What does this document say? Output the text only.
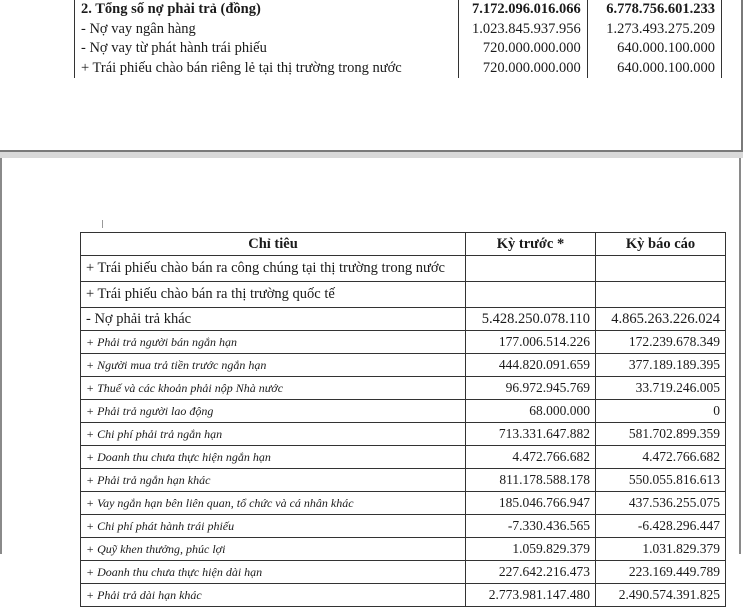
2. Tổng số nợ phải trả (đồng)	7.172.096.016.066	6.778.756.601.233
- Nợ vay ngân hàng	1.023.845.937.956	1.273.493.275.209
- Nợ vay từ phát hành trái phiếu	720.000.000.000	640.000.100.000
+ Trái phiếu chào bán riêng lẻ tại thị trường trong nước	720.000.000.000	640.000.100.000
Chỉ tiêu	Kỳ trước *	Kỳ báo cáo
+ Trái phiếu chào bán ra công chúng tại thị trường trong nước		
+ Trái phiếu chào bán ra thị trường quốc tế		
- Nợ phải trả khác	5.428.250.078.110	4.865.263.226.024
+ Phải trả người bán ngắn hạn	177.006.514.226	172.239.678.349
+ Người mua trả tiền trước ngắn hạn	444.820.091.659	377.189.189.395
+ Thuế và các khoản phải nộp Nhà nước	96.972.945.769	33.719.246.005
+ Phải trả người lao động	68.000.000	0
+ Chi phí phải trả ngắn hạn	713.331.647.882	581.702.899.359
+ Doanh thu chưa thực hiện ngắn hạn	4.472.766.682	4.472.766.682
+ Phải trả ngắn hạn khác	811.178.588.178	550.055.816.613
+ Vay ngắn hạn bên liên quan, tổ chức và cá nhân khác	185.046.766.947	437.536.255.075
+ Chi phí phát hành trái phiếu	-7.330.436.565	-6.428.296.447
+ Quỹ khen thưởng, phúc lợi	1.059.829.379	1.031.829.379
+ Doanh thu chưa thực hiện dài hạn	227.642.216.473	223.169.449.789
+ Phải trả dài hạn khác	2.773.981.147.480	2.490.574.391.825
